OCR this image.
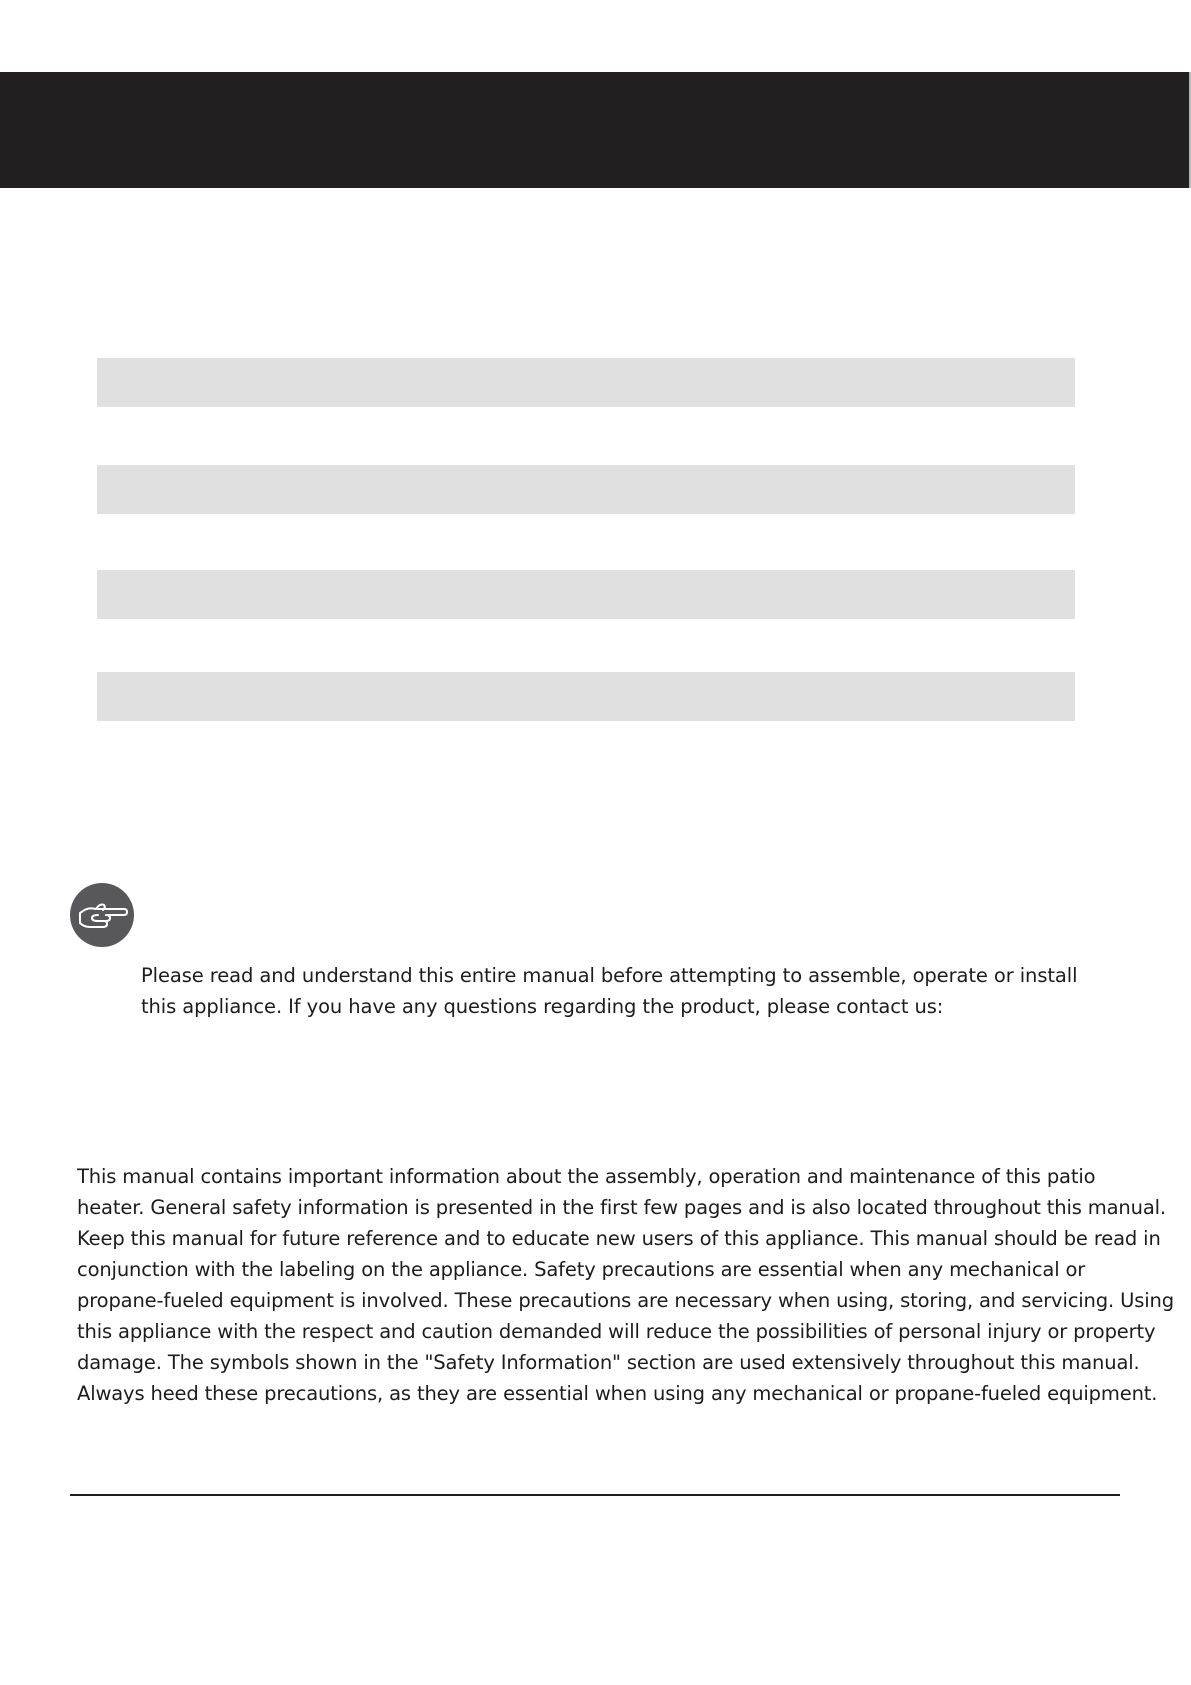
Please read and understand this entire manual before attempting to assemble, operate or install this appliance. If you have any questions regarding the product, please contact us:

This manual contains important information about the assembly, operation and maintenance of this patio
heater. General safety information is presented in the first few pages and is also located throughout this manual.
Keep this manual for future reference and to educate new users of this appliance. This manual should be read in
conjunction with the labeling on the appliance. Safety precautions are essential when any mechanical or
propane-fueled equipment is involved. These precautions are necessary when using, storing, and servicing. Using
this appliance with the respect and caution demanded will reduce the possibilities of personal injury or property
damage. The symbols shown in the "Safety Information" section are used extensively throughout this manual.
Always heed these precautions, as they are essential when using any mechanical or propane-fueled equipment.
